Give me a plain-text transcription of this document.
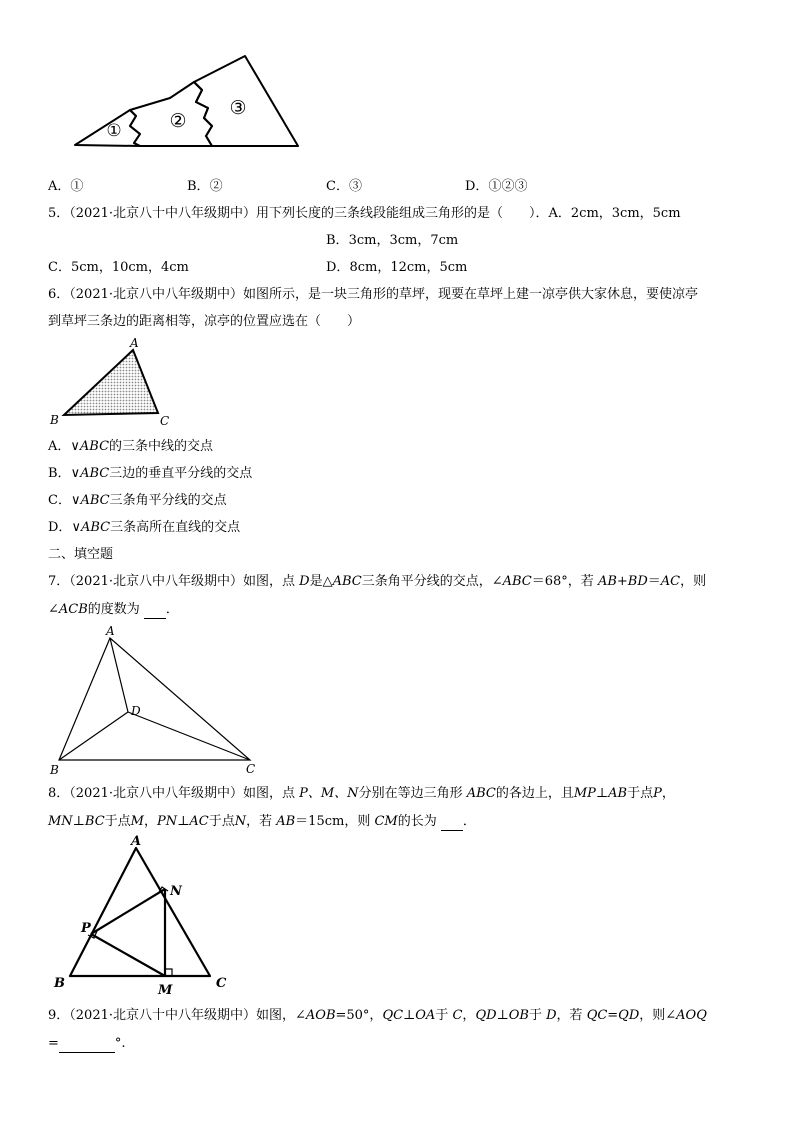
①	②
③
A．①	B．②	C．③	D．①②③
5．（2021·北京八十中八年级期中）用下列长度的三条线段能组成三角形的是（　　）．A．2cm，3cm，5cm
B．3cm，3cm，7cm
C．5cm，10cm，4cm	D．8cm，12cm，5cm
6．（2021·北京八中八年级期中）如图所示，是一块三角形的草坪，现要在草坪上建一凉亭供大家休息，要使凉亭
到草坪三条边的距离相等，凉亭的位置应选在（　　）
A
B	C
A．∨ABC的三条中线的交点
B．∨ABC三边的垂直平分线的交点
C．∨ABC三条角平分线的交点
D．∨ABC三条高所在直线的交点
二、填空题
7．（2021·北京八中八年级期中）如图，点 D是△ABC三条角平分线的交点，∠ABC＝68°，若 AB+BD＝AC，则
∠ACB的度数为  ．
A
B	C
D
8．（2021·北京八中八年级期中）如图，点 P、M、N分别在等边三角形 ABC的各边上，且MP⊥AB于点P，
MN⊥BC于点M，PN⊥AC于点N，若 AB＝15cm，则 CM的长为  ．
A
B	C
P
M
N
9．（2021·北京八十中八年级期中）如图，∠AOB=50°，QC⊥OA于 C，QD⊥OB于 D，若 QC=QD，则∠AOQ
=	°.
